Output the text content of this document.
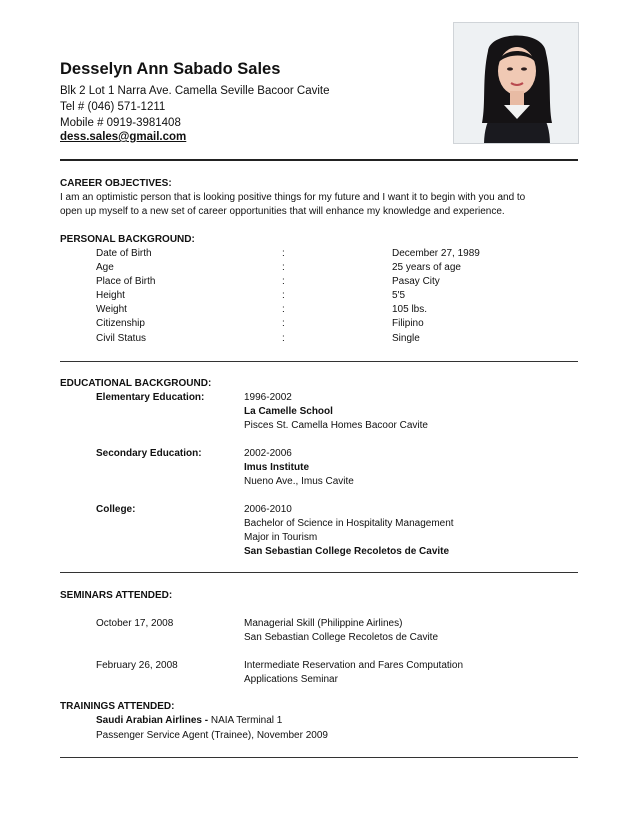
Desselyn Ann Sabado Sales
Blk 2 Lot 1 Narra Ave. Camella Seville Bacoor Cavite
Tel # (046) 571-1211
Mobile # 0919-3981408
dess.sales@gmail.com
CAREER OBJECTIVES:
I am an optimistic person that is looking positive things for my future and I want it to begin with you and to
open up myself to a new set of career opportunities that will enhance my knowledge and experience.
PERSONAL BACKGROUND:
Date of Birth	:	December 27, 1989
Age	:	25 years of age
Place of Birth	:	Pasay City
Height	:	5'5
Weight	:	105 lbs.
Citizenship	:	Filipino
Civil Status	:	Single
EDUCATIONAL BACKGROUND:
Elementary Education:	1996-2002
La Camelle School
Pisces St. Camella Homes Bacoor Cavite
Secondary Education:	2002-2006
Imus Institute
Nueno Ave., Imus Cavite
College:	2006-2010
Bachelor of Science in Hospitality Management
Major in Tourism
San Sebastian College Recoletos de Cavite
SEMINARS ATTENDED:
October 17, 2008	Managerial Skill (Philippine Airlines)
San Sebastian College Recoletos de Cavite
February 26, 2008	Intermediate Reservation and Fares Computation
Applications Seminar
TRAININGS ATTENDED:
Saudi Arabian Airlines - NAIA Terminal 1
Passenger Service Agent (Trainee), November 2009
